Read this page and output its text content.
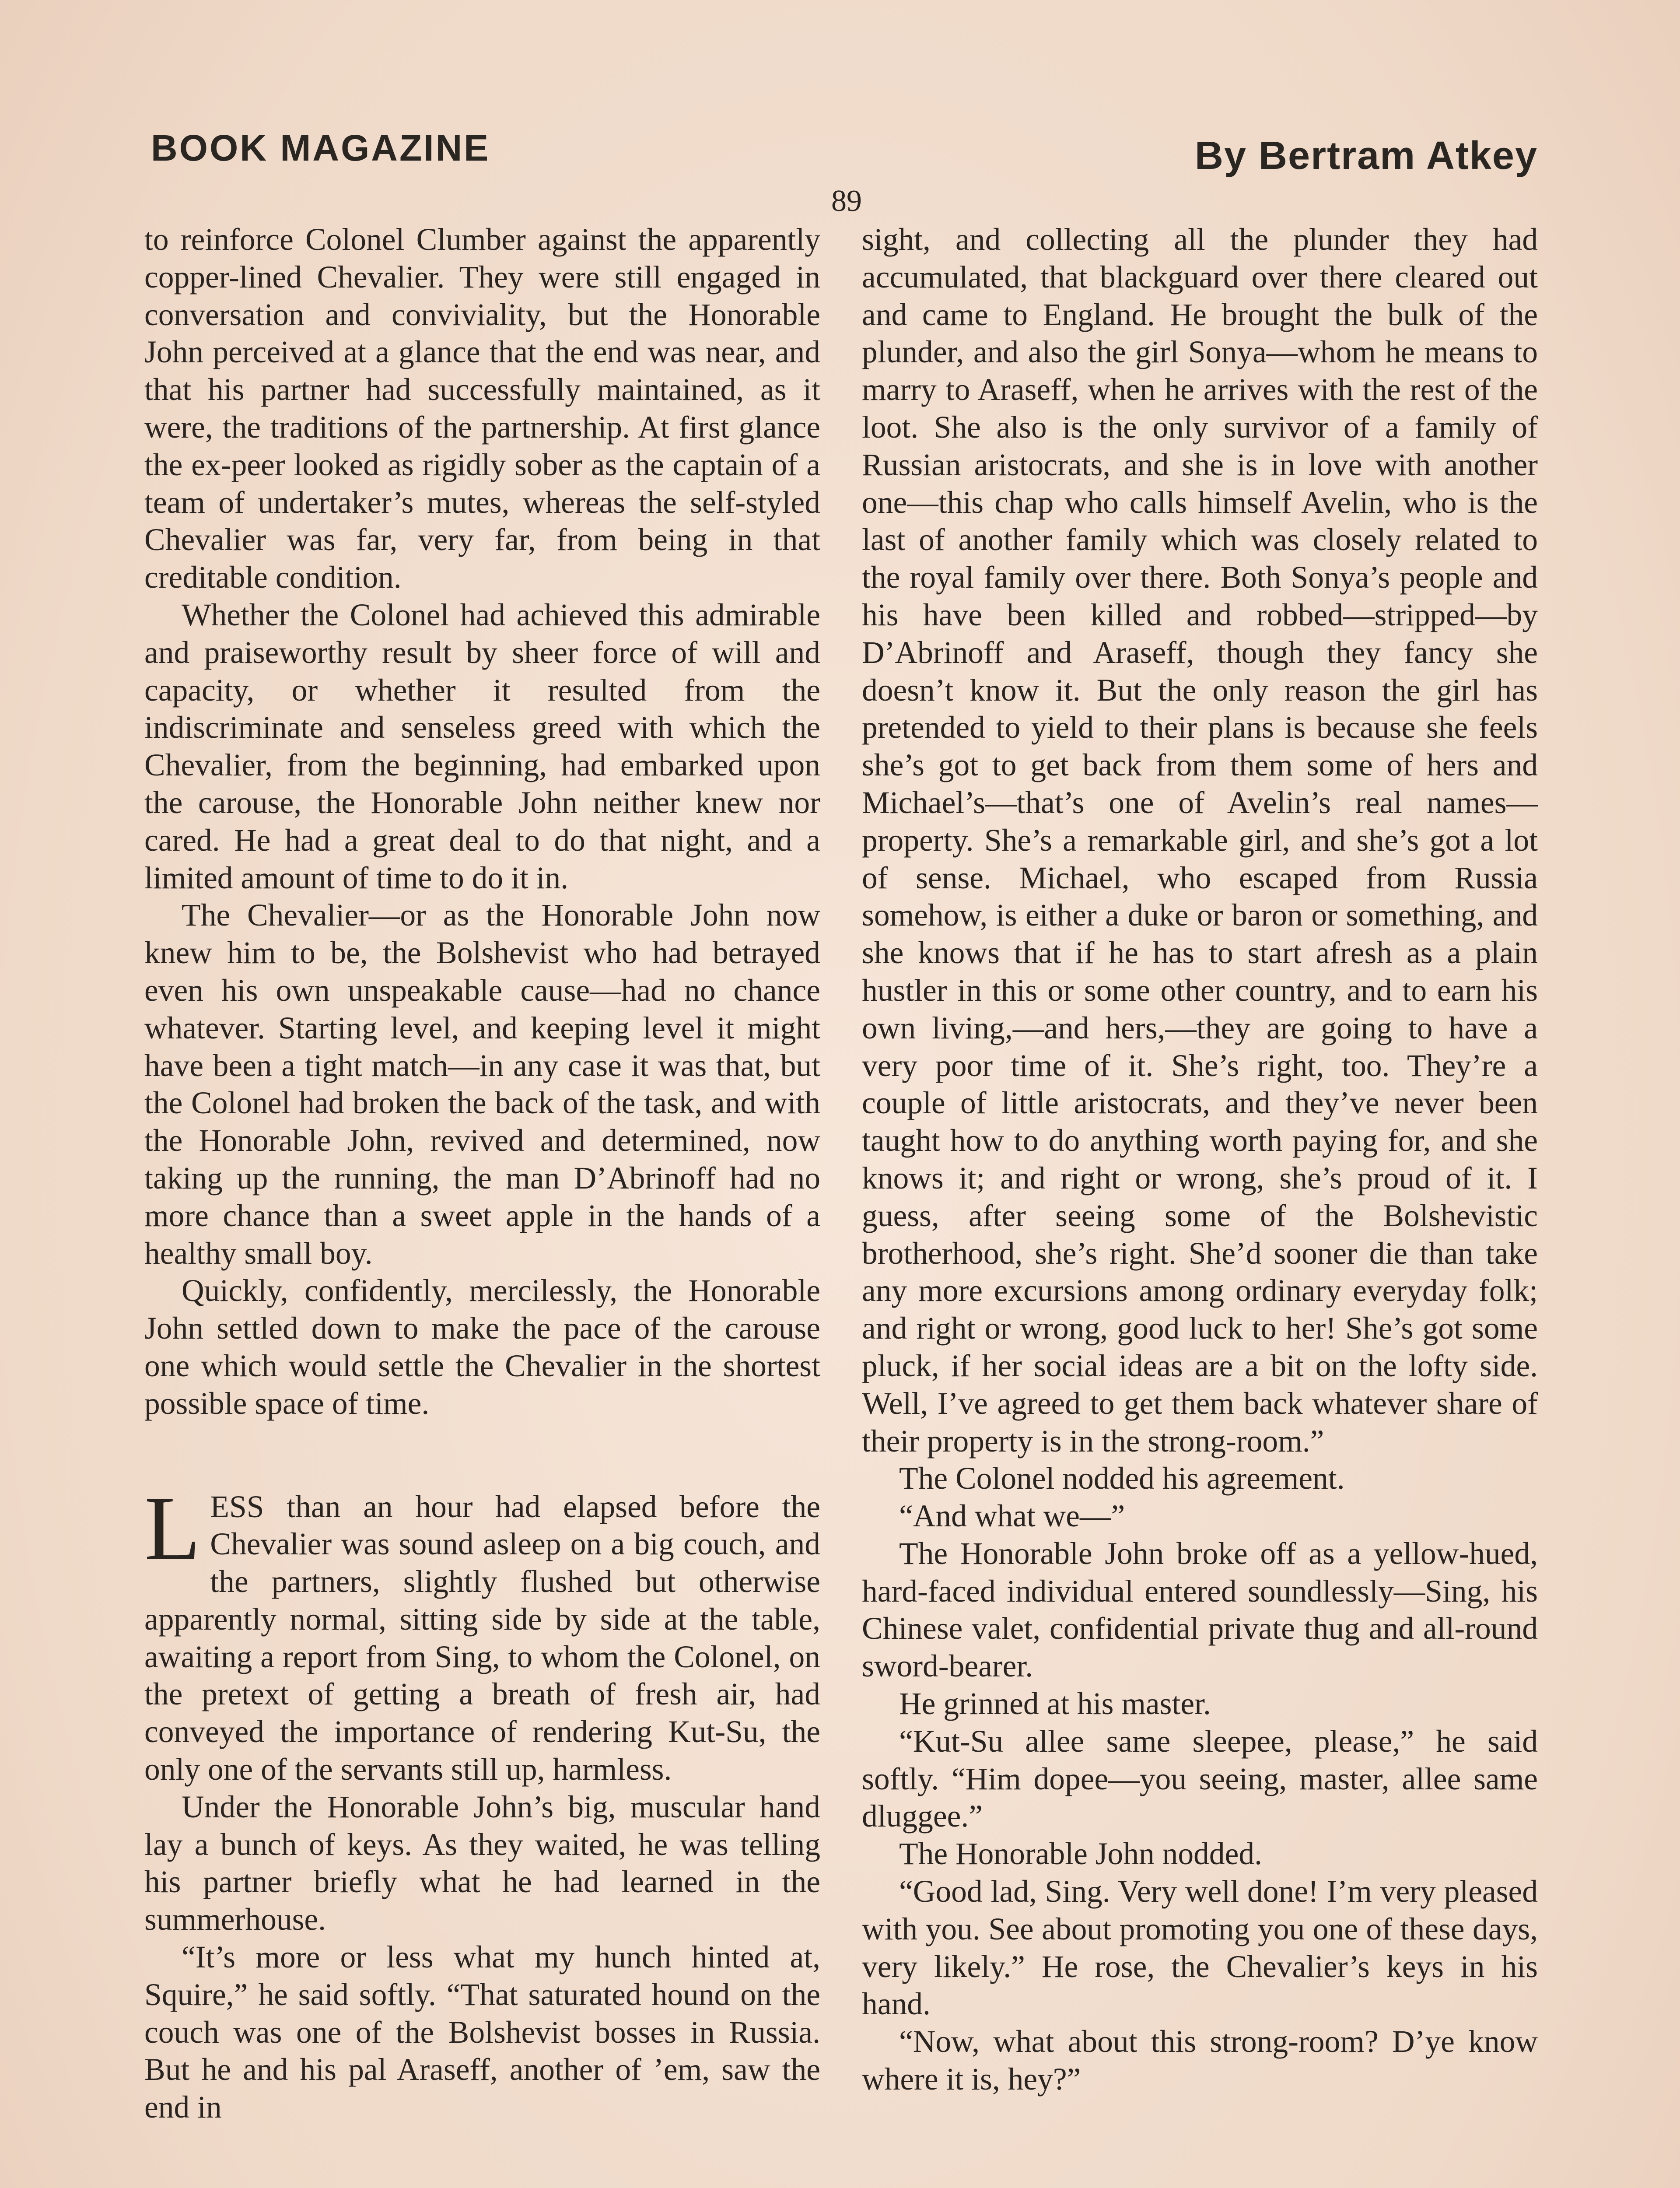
BOOK MAGAZINE	By Bertram Atkey
89

to reinforce Colonel Clumber against the apparently copper-lined Chevalier. They were still engaged in conversation and conviviality, but the Honorable John perceived at a glance that the end was near, and that his partner had successfully maintained, as it were, the traditions of the partnership. At first glance the ex-peer looked as rigidly sober as the captain of a team of undertaker’s mutes, whereas the self-styled Chevalier was far, very far, from being in that creditable condition.

Whether the Colonel had achieved this admirable and praiseworthy result by sheer force of will and capacity, or whether it resulted from the indiscriminate and senseless greed with which the Chevalier, from the beginning, had embarked upon the carouse, the Honorable John neither knew nor cared. He had a great deal to do that night, and a limited amount of time to do it in.

The Chevalier—or as the Honorable John now knew him to be, the Bolshevist who had betrayed even his own unspeakable cause—had no chance whatever. Starting level, and keeping level it might have been a tight match—in any case it was that, but the Colonel had broken the back of the task, and with the Honorable John, revived and determined, now taking up the running, the man D’Abrinoff had no more chance than a sweet apple in the hands of a healthy small boy.

Quickly, confidently, mercilessly, the Honorable John settled down to make the pace of the carouse one which would settle the Chevalier in the shortest possible space of time.

LESS than an hour had elapsed before the Chevalier was sound asleep on a big couch, and the partners, slightly flushed but otherwise apparently normal, sitting side by side at the table, awaiting a report from Sing, to whom the Colonel, on the pretext of getting a breath of fresh air, had conveyed the importance of rendering Kut-Su, the only one of the servants still up, harmless.

Under the Honorable John’s big, muscular hand lay a bunch of keys. As they waited, he was telling his partner briefly what he had learned in the summerhouse.

“It’s more or less what my hunch hinted at, Squire,” he said softly. “That saturated hound on the couch was one of the Bolshevist bosses in Russia. But he and his pal Araseff, another of ’em, saw the end in

sight, and collecting all the plunder they had accumulated, that blackguard over there cleared out and came to England. He brought the bulk of the plunder, and also the girl Sonya—whom he means to marry to Araseff, when he arrives with the rest of the loot. She also is the only survivor of a family of Russian aristocrats, and she is in love with another one—this chap who calls himself Avelin, who is the last of another family which was closely related to the royal family over there. Both Sonya’s people and his have been killed and robbed—stripped—by D’Abrinoff and Araseff, though they fancy she doesn’t know it. But the only reason the girl has pretended to yield to their plans is because she feels she’s got to get back from them some of hers and Michael’s—that’s one of Avelin’s real names—property. She’s a remarkable girl, and she’s got a lot of sense. Michael, who escaped from Russia somehow, is either a duke or baron or something, and she knows that if he has to start afresh as a plain hustler in this or some other country, and to earn his own living,—and hers,—they are going to have a very poor time of it. She’s right, too. They’re a couple of little aristocrats, and they’ve never been taught how to do anything worth paying for, and she knows it; and right or wrong, she’s proud of it. I guess, after seeing some of the Bolshevistic brotherhood, she’s right. She’d sooner die than take any more excursions among ordinary everyday folk; and right or wrong, good luck to her! She’s got some pluck, if her social ideas are a bit on the lofty side. Well, I’ve agreed to get them back whatever share of their property is in the strong-room.”

The Colonel nodded his agreement.

“And what we—”

The Honorable John broke off as a yellow-hued, hard-faced individual entered soundlessly—Sing, his Chinese valet, confidential private thug and all-round sword-bearer.

He grinned at his master.

“Kut-Su allee same sleepee, please,” he said softly. “Him dopee—you seeing, master, allee same dluggee.”

The Honorable John nodded.

“Good lad, Sing. Very well done! I’m very pleased with you. See about promoting you one of these days, very likely.” He rose, the Chevalier’s keys in his hand.

“Now, what about this strong-room? D’ye know where it is, hey?”
